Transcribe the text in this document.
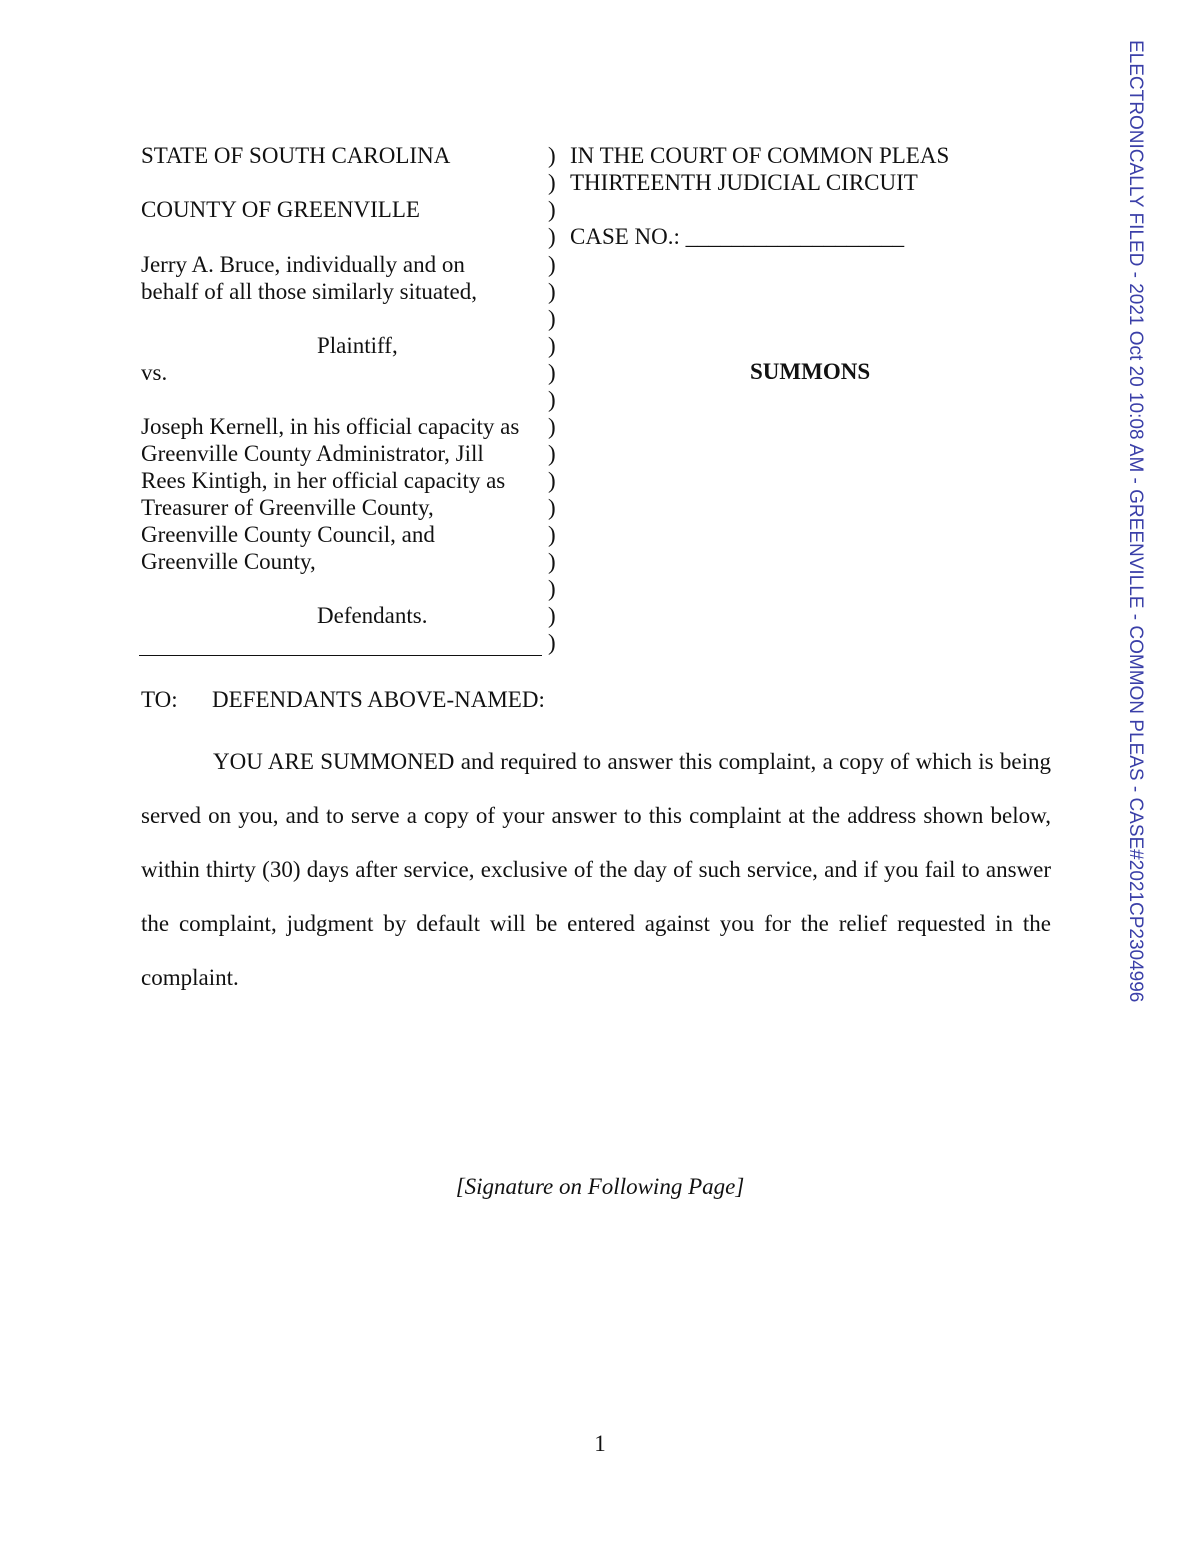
STATE OF SOUTH CAROLINA
COUNTY OF GREENVILLE
Jerry A. Bruce, individually and on
behalf of all those similarly situated,
Plaintiff,
vs.
Joseph Kernell, in his official capacity as
Greenville County Administrator, Jill
Rees Kintigh, in her official capacity as
Treasurer of Greenville County,
Greenville County Council, and
Greenville County,
Defendants.
)
)
)
)
)
)
)
)
)
)
)
)
)
)
)
)
)
)
)
IN THE COURT OF COMMON PLEAS
THIRTEENTH JUDICIAL CIRCUIT
CASE NO.: ___________________
SUMMONS
TO: DEFENDANTS ABOVE-NAMED:
YOU ARE SUMMONED and required to answer this complaint, a copy of which is being served on you, and to serve a copy of your answer to this complaint at the address shown below, within thirty (30) days after service, exclusive of the day of such service, and if you fail to answer the complaint, judgment by default will be entered against you for the relief requested in the complaint.
[Signature on Following Page]
1
ELECTRONICALLY FILED - 2021 Oct 20 10:08 AM - GREENVILLE - COMMON PLEAS - CASE#2021CP2304996
